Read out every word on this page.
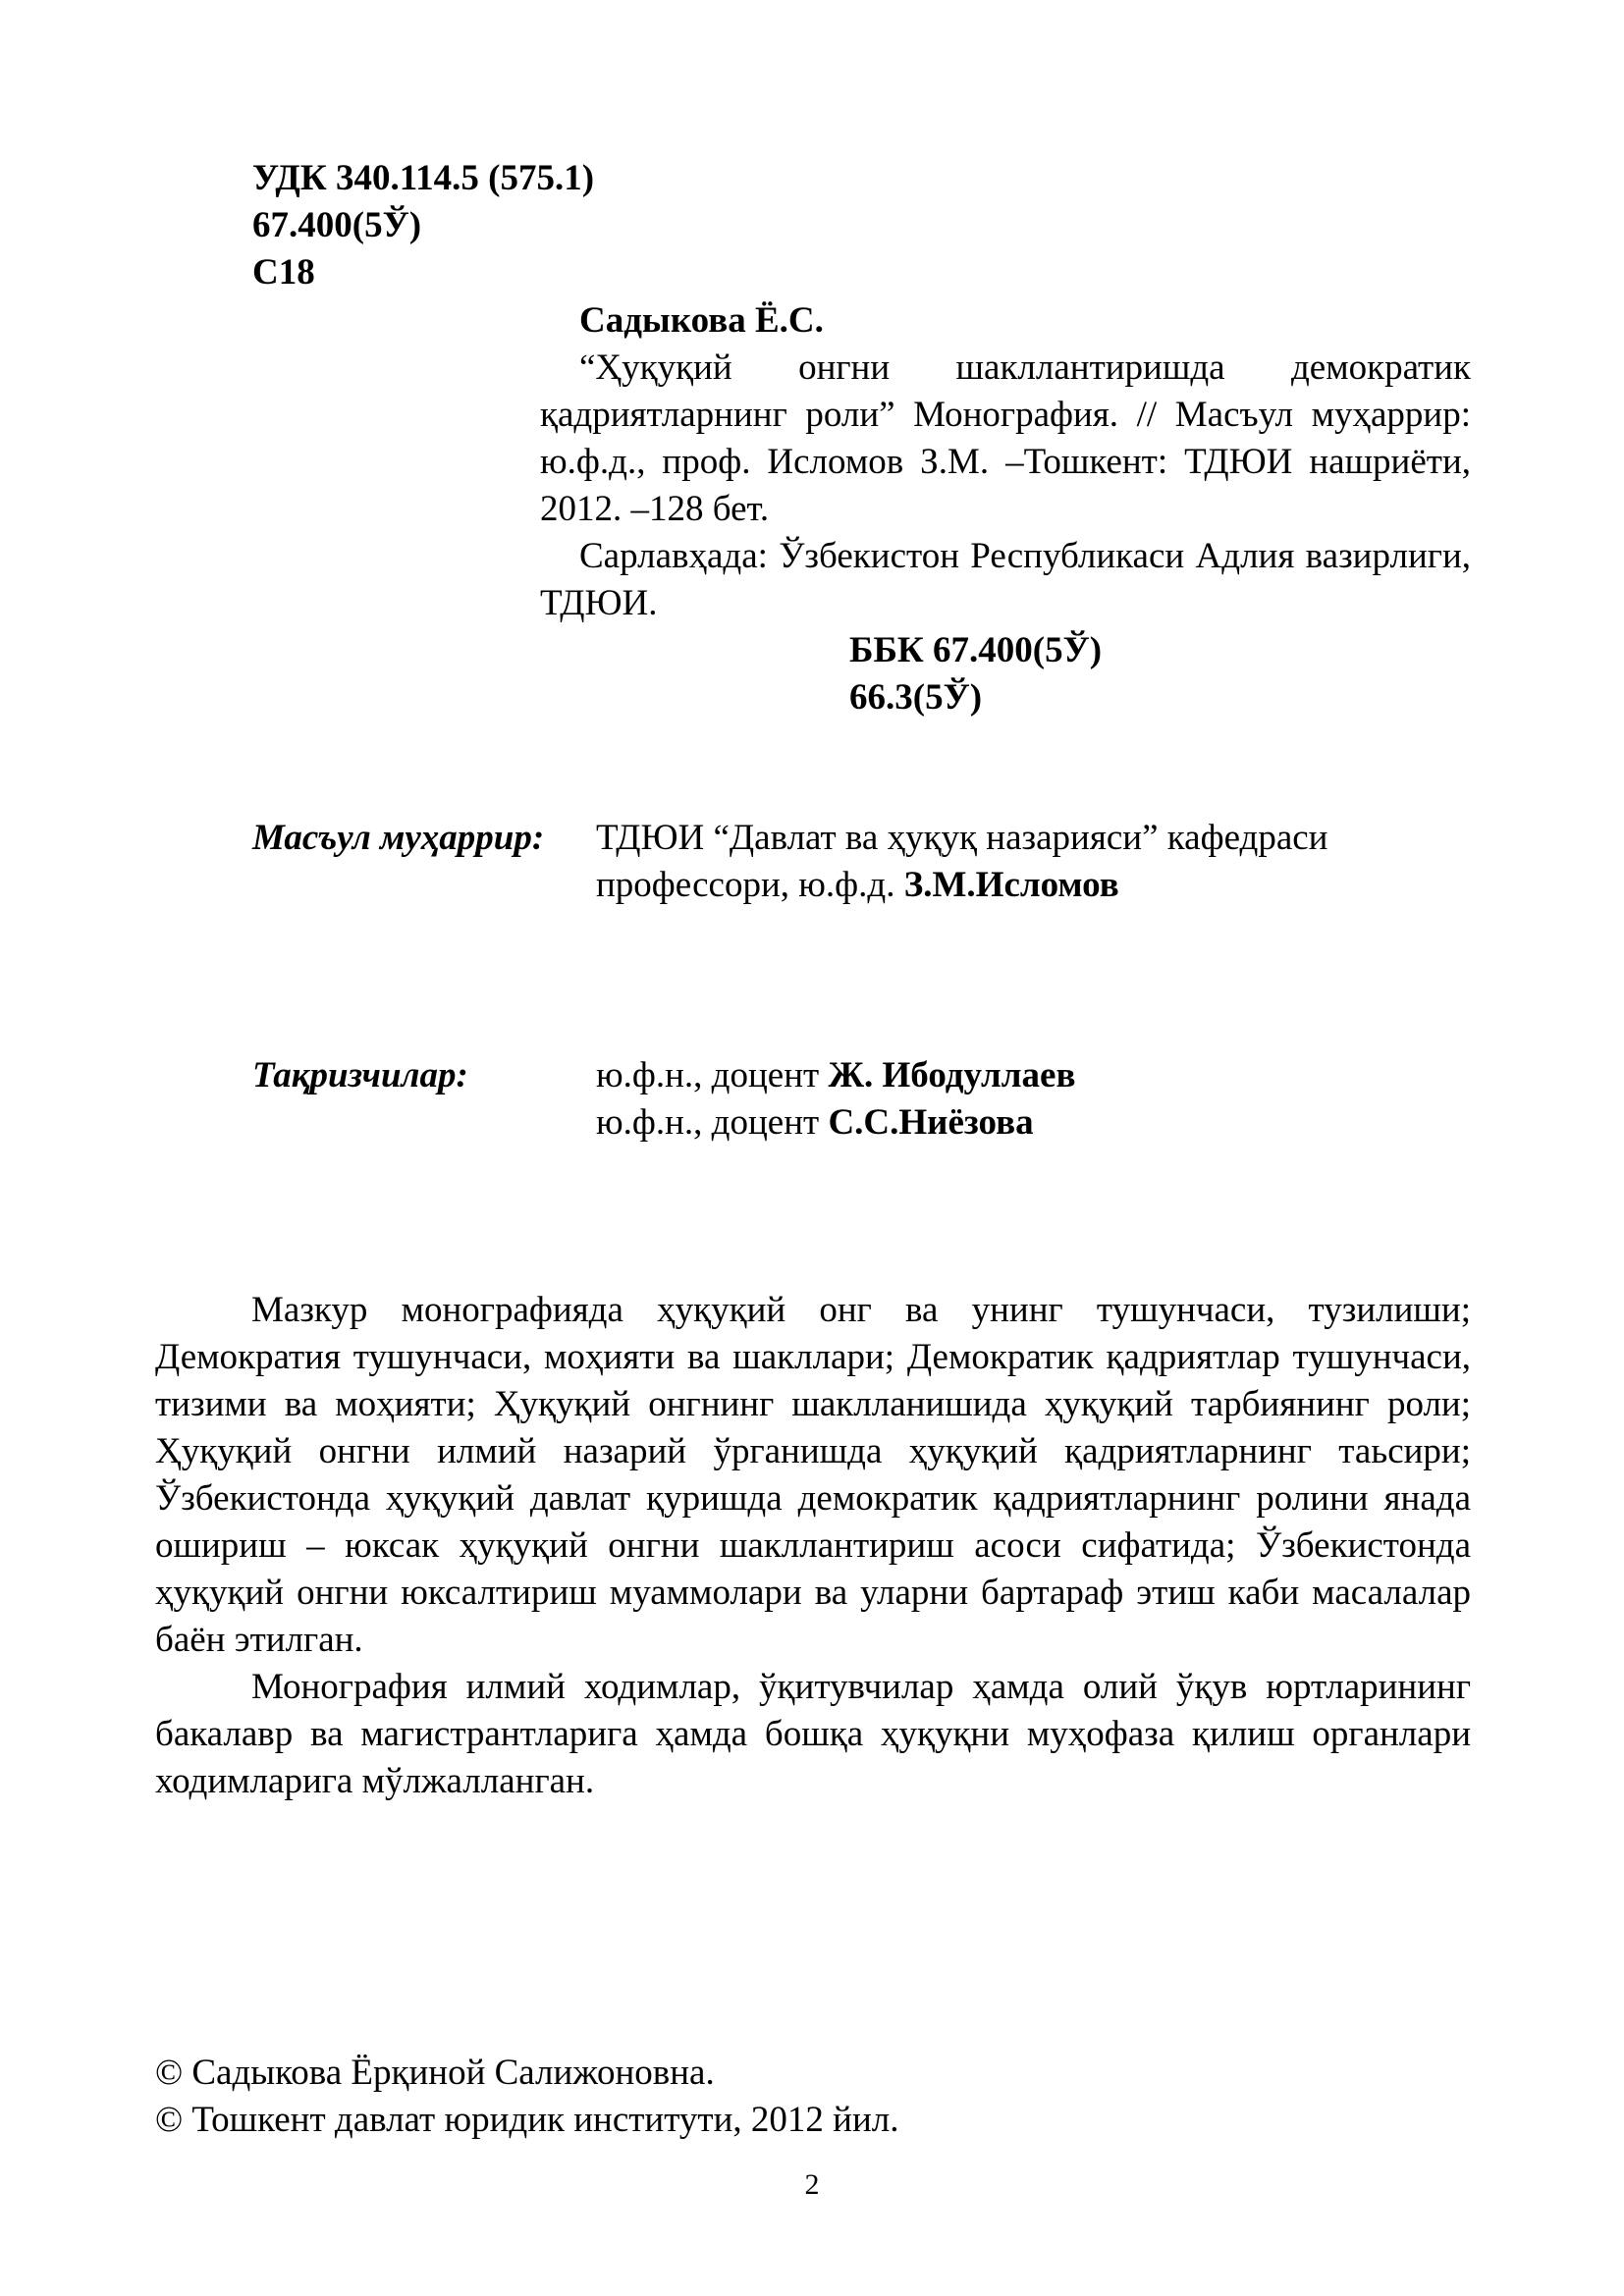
УДК 340.114.5 (575.1)
67.400(5Ў)
С18
Садыкова Ё.С.

“Ҳуқуқий онгни шакллантиришда демократик қадриятларнинг роли” Монография. // Масъул муҳаррир: ю.ф.д., проф. Исломов З.М. –Тошкент: ТДЮИ нашриёти, 2012. –128 бет.

Сарлавҳада: Ўзбекистон Республикаси Адлия вазирлиги, ТДЮИ.

ББК 67.400(5Ў)
66.3(5Ў)
Масъул муҳаррир: ТДЮИ “Давлат ва ҳуқуқ назарияси” кафедраси
профессори, ю.ф.д. З.М.Исломов
Тақризчилар:	ю.ф.н., доцент Ж. Ибодуллаев
ю.ф.н., доцент С.С.Ниёзова

Мазкур монографияда ҳуқуқий онг ва унинг тушунчаси, тузилиши; Демократия тушунчаси, моҳияти ва шакллари; Демократик қадриятлар тушунчаси, тизими ва моҳияти; Ҳуқуқий онгнинг шаклланишида ҳуқуқий тарбиянинг роли; Ҳуқуқий онгни илмий назарий ўрганишда ҳуқуқий қадриятларнинг таьсири; Ўзбекистонда ҳуқуқий давлат қуришда демократик қадриятларнинг ролини янада ошириш – юксак ҳуқуқий онгни шакллантириш асоси сифатида; Ўзбекистонда ҳуқуқий онгни юксалтириш муаммолари ва уларни бартараф этиш каби масалалар баён этилган.

Монография илмий ходимлар, ўқитувчилар ҳамда олий ўқув юртларининг бакалавр ва магистрантларига ҳамда бошқа ҳуқуқни муҳофаза қилиш органлари ходимларига мўлжалланган.

© Садыкова Ёрқиной Салижоновна.
© Тошкент давлат юридик институти, 2012 йил.
2
